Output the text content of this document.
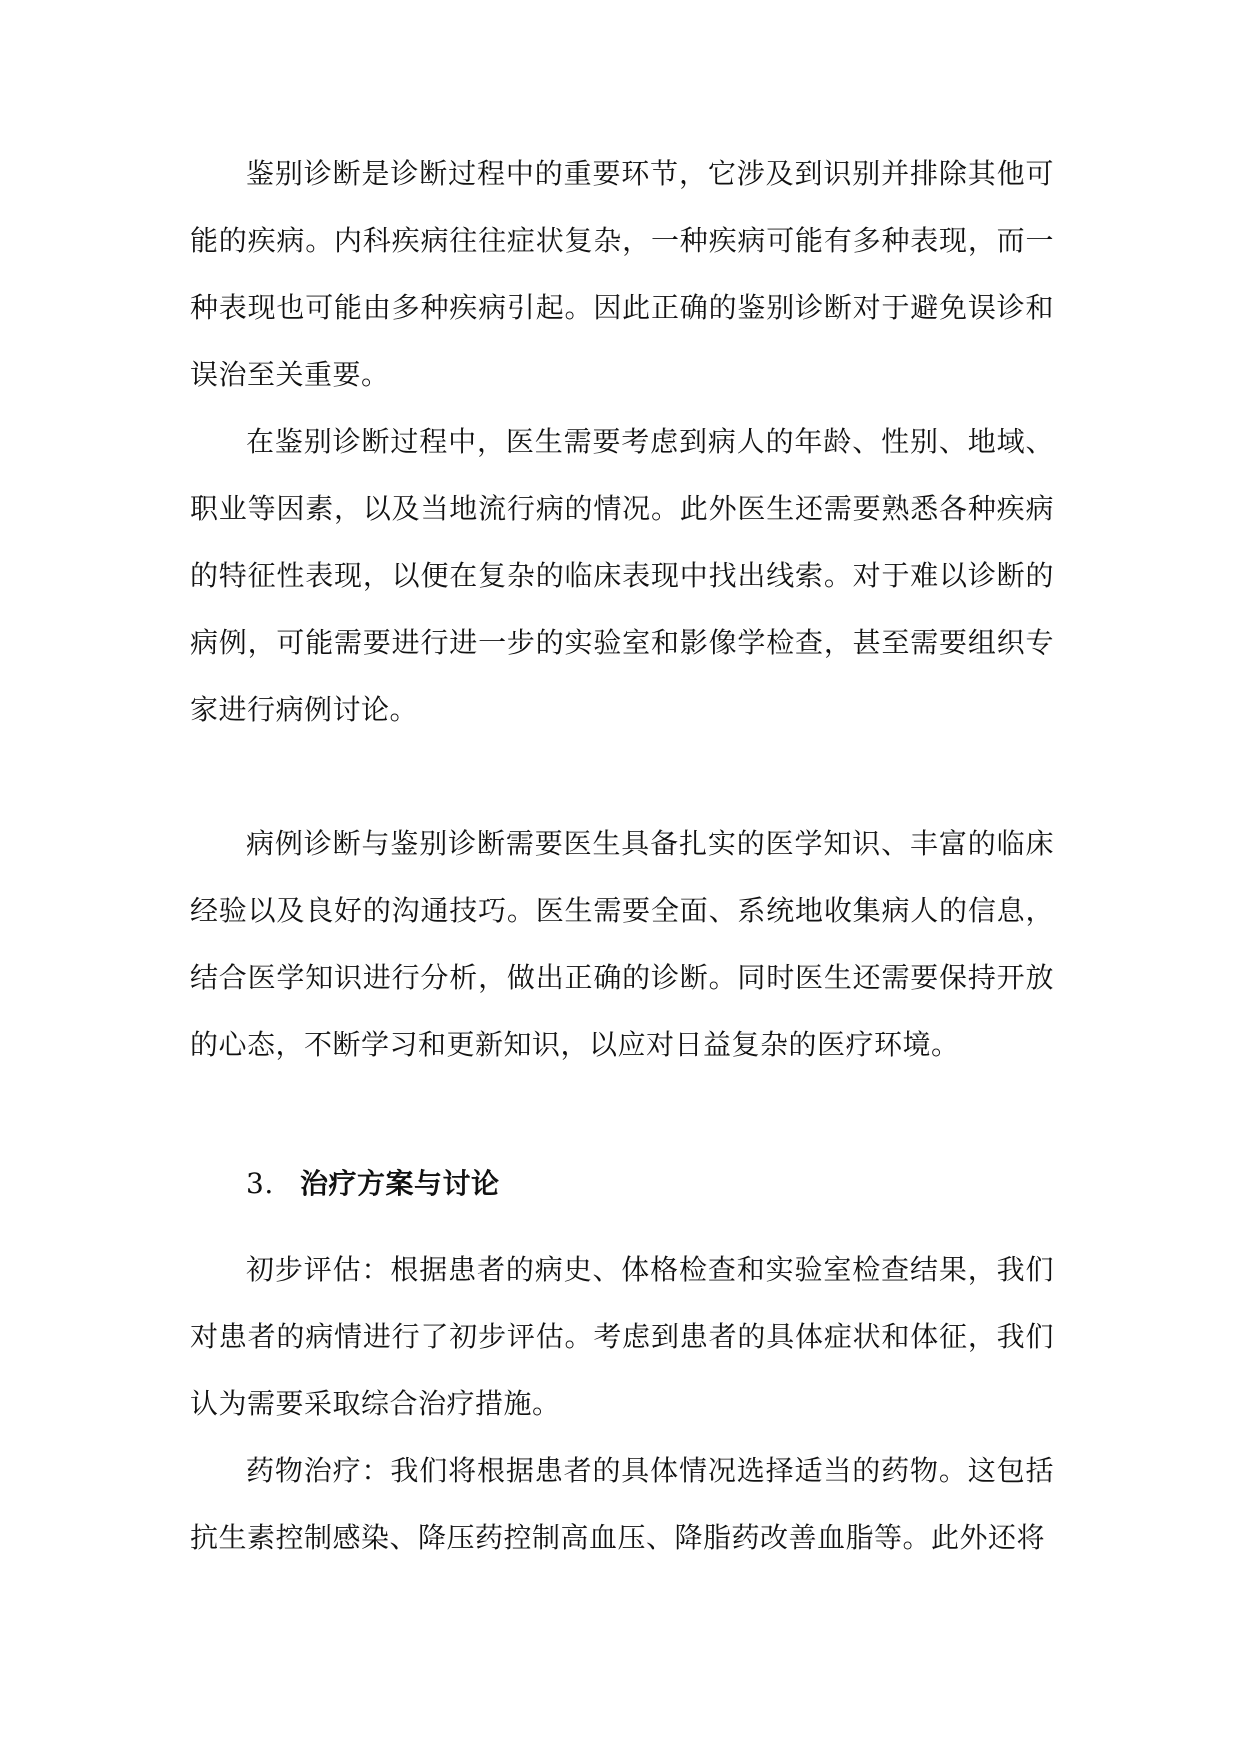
鉴别诊断是诊断过程中的重要环节，它涉及到识别并排除其他可能的疾病。内科疾病往往症状复杂，一种疾病可能有多种表现，而一种表现也可能由多种疾病引起。因此正确的鉴别诊断对于避免误诊和误治至关重要。

在鉴别诊断过程中，医生需要考虑到病人的年龄、性别、地域、职业等因素，以及当地流行病的情况。此外医生还需要熟悉各种疾病的特征性表现，以便在复杂的临床表现中找出线索。对于难以诊断的病例，可能需要进行进一步的实验室和影像学检查，甚至需要组织专家进行病例讨论。

病例诊断与鉴别诊断需要医生具备扎实的医学知识、丰富的临床经验以及良好的沟通技巧。医生需要全面、系统地收集病人的信息，结合医学知识进行分析，做出正确的诊断。同时医生还需要保持开放的心态，不断学习和更新知识，以应对日益复杂的医疗环境。

3. 治疗方案与讨论

初步评估：根据患者的病史、体格检查和实验室检查结果，我们对患者的病情进行了初步评估。考虑到患者的具体症状和体征，我们认为需要采取综合治疗措施。

药物治疗：我们将根据患者的具体情况选择适当的药物。这包括抗生素控制感染、降压药控制高血压、降脂药改善血脂等。此外还将
